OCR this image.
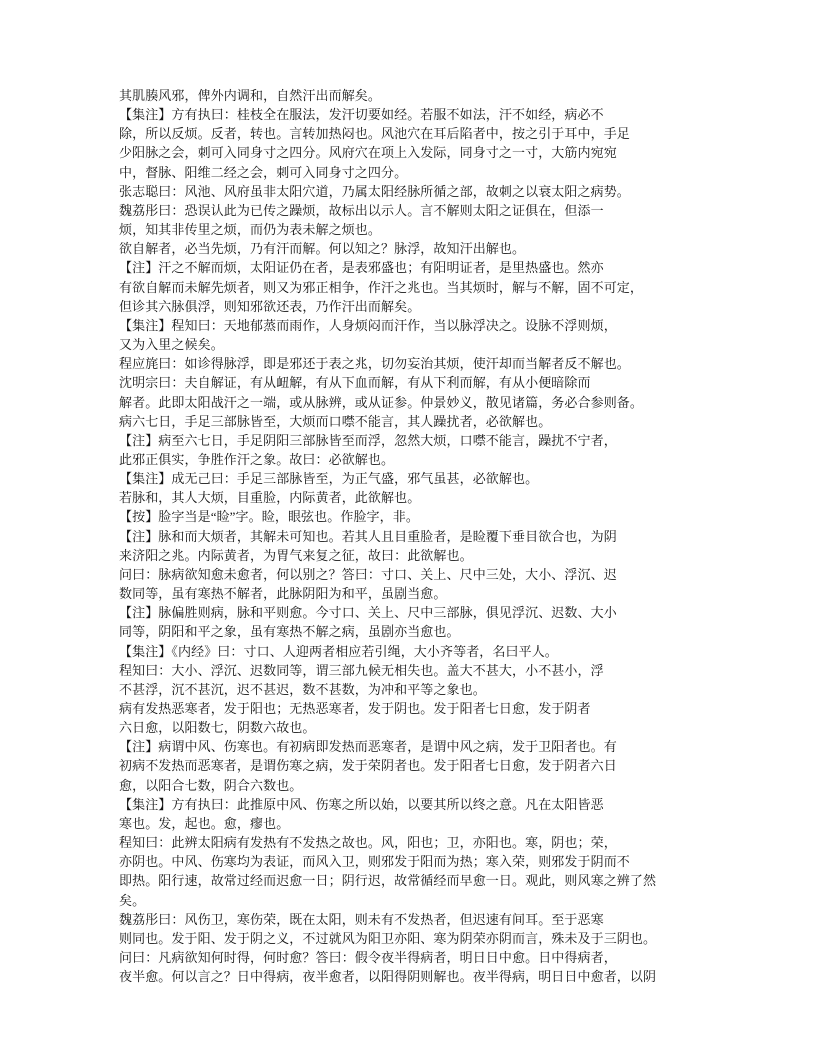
其肌腠风邪，俾外内调和，自然汗出而解矣。
【集注】方有执曰：桂枝全在服法，发汗切要如经。若服不如法，汗不如经，病必不
除，所以反烦。反者，转也。言转加热闷也。风池穴在耳后陷者中，按之引于耳中，手足
少阳脉之会，刺可入同身寸之四分。风府穴在项上入发际，同身寸之一寸，大筋内宛宛
中，督脉、阳维二经之会，刺可入同身寸之四分。
张志聪曰：风池、风府虽非太阳穴道，乃属太阳经脉所循之部，故刺之以衰太阳之病势。
魏荔彤曰：恐误认此为已传之躁烦，故标出以示人。言不解则太阳之证俱在，但添一
烦，知其非传里之烦，而仍为表未解之烦也。
欲自解者，必当先烦，乃有汗而解。何以知之？脉浮，故知汗出解也。
【注】汗之不解而烦，太阳证仍在者，是表邪盛也；有阳明证者，是里热盛也。然亦
有欲自解而未解先烦者，则又为邪正相争，作汗之兆也。当其烦时，解与不解，固不可定，
但诊其六脉俱浮，则知邪欲还表，乃作汗出而解矣。
【集注】程知曰：天地郁蒸而雨作，人身烦闷而汗作，当以脉浮决之。设脉不浮则烦，
又为入里之候矣。
程应旄曰：如诊得脉浮，即是邪还于表之兆，切勿妄治其烦，使汗却而当解者反不解也。
沈明宗曰：夫自解证，有从衄解，有从下血而解，有从下利而解，有从小便暗除而
解者。此即太阳战汗之一端，或从脉辨，或从证参。仲景妙义，散见诸篇，务必合参则备。
病六七日，手足三部脉皆至，大烦而口噤不能言，其人躁扰者，必欲解也。
【注】病至六七日，手足阴阳三部脉皆至而浮，忽然大烦，口噤不能言，躁扰不宁者，
此邪正俱实，争胜作汗之象。故曰：必欲解也。
【集注】成无己曰：手足三部脉皆至，为正气盛，邪气虽甚，必欲解也。
若脉和，其人大烦，目重脸，内际黄者，此欲解也。
【按】脸字当是“睑”字。睑，眼弦也。作脸字，非。
【注】脉和而大烦者，其解未可知也。若其人且目重脸者，是睑覆下垂目欲合也，为阴
来济阳之兆。内际黄者，为胃气来复之征，故曰：此欲解也。
问曰：脉病欲知愈未愈者，何以别之？答曰：寸口、关上、尺中三处，大小、浮沉、迟
数同等，虽有寒热不解者，此脉阴阳为和平，虽剧当愈。
【注】脉偏胜则病，脉和平则愈。今寸口、关上、尺中三部脉，俱见浮沉、迟数、大小
同等，阴阳和平之象，虽有寒热不解之病，虽剧亦当愈也。
【集注】《内经》曰：寸口、人迎两者相应若引绳，大小齐等者，名曰平人。
程知曰：大小、浮沉、迟数同等，谓三部九候无相失也。盖大不甚大，小不甚小，浮
不甚浮，沉不甚沉，迟不甚迟，数不甚数，为冲和平等之象也。
病有发热恶寒者，发于阳也；无热恶寒者，发于阴也。发于阳者七日愈，发于阴者
六日愈，以阳数七，阴数六故也。
【注】病谓中风、伤寒也。有初病即发热而恶寒者，是谓中风之病，发于卫阳者也。有
初病不发热而恶寒者，是谓伤寒之病，发于荣阴者也。发于阳者七日愈，发于阴者六日
愈，以阳合七数，阴合六数也。
【集注】方有执曰：此推原中风、伤寒之所以始，以要其所以终之意。凡在太阳皆恶
寒也。发，起也。愈，瘳也。
程知曰：此辨太阳病有发热有不发热之故也。风，阳也；卫，亦阳也。寒，阴也；荣，
亦阴也。中风、伤寒均为表证，而风入卫，则邪发于阳而为热；寒入荣，则邪发于阴而不
即热。阳行速，故常过经而迟愈一日；阴行迟，故常循经而早愈一日。观此，则风寒之辨了然
矣。
魏荔彤曰：风伤卫，寒伤荣，既在太阳，则未有不发热者，但迟速有间耳。至于恶寒
则同也。发于阳、发于阴之义，不过就风为阳卫亦阳、寒为阴荣亦阴而言，殊未及于三阴也。
问曰：凡病欲知何时得，何时愈？答曰：假令夜半得病者，明日日中愈。日中得病者，
夜半愈。何以言之？日中得病，夜半愈者，以阳得阴则解也。夜半得病，明日日中愈者，以阴
